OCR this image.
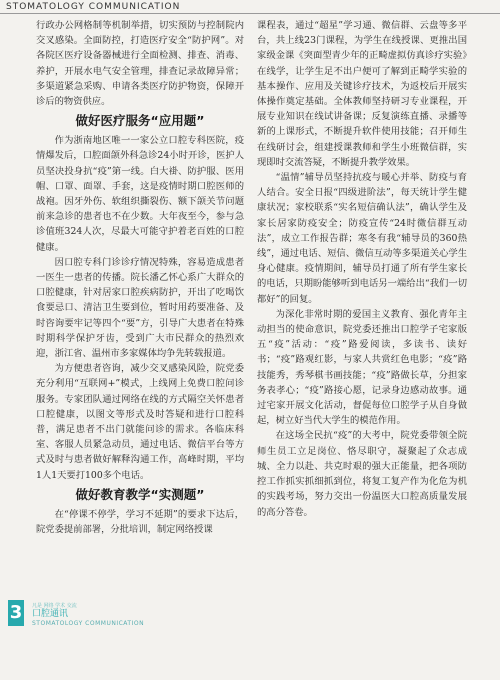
STOMATOLOGY COMMUNICATION

行政办公网格制等机制举措，切实预防与控制院内交叉感染。全面防控，打造医疗安全“防护网”。对各院区医疗设备器械进行全面检测、排查、消毒、养护，开展水电气安全管理，排查记录故障异常；多渠道紧急采购、申请各类医疗防护物资，保障开诊后的物资供应。

做好医疗服务“应用题”

作为浙南地区唯一一家公立口腔专科医院，疫情爆发后，口腔面颌外科急诊24小时开诊，医护人员坚决投身抗“疫”第一线。白大褂、防护服、医用帽、口罩、面罩、手套，这是疫情时期口腔医师的战袍。因牙外伤、软组织撕裂伤、额下颌关节问题前来急诊的患者也不在少数。大年夜至今，参与急诊值班324人次，尽最大可能守护着老百姓的口腔健康。

因口腔专科门诊诊疗情况特殊，容易造成患者一医生一患者的传播。院长潘乙怀心系广大群众的口腔健康，针对居家口腔疾病防护，开出了吃喝饮食要忌口、清洁卫生要到位，暂时用药要准备、及时咨询要牢记等四个“要”方，引导广大患者在特殊时期科学保护牙齿，受到广大市民群众的热烈欢迎，浙江省、温州市多家媒体均争先转载报道。

为方便患者咨询，减少交叉感染风险，院党委充分利用“互联网+”模式，上线网上免费口腔问诊服务。专家团队通过网络在线的方式隔空关怀患者口腔健康，以图文等形式及时答疑和进行口腔科普，满足患者不出门就能问诊的需求。各临床科室、客服人员紧急动员，通过电话、微信平台等方式及时与患者做好解释沟通工作，高峰时期，平均1人1天要打100多个电话。

做好教育教学“实测题”

在“停课不停学，学习不延期”的要求下达后，院党委提前部署，分批培训，制定网络授课

课程表，通过“超星”学习通、微信群、云盘等多平台，共上线23门课程，为学生在线授课、更推出国家级金课《突面型青少年的正畸虚拟仿真诊疗实验》在线学，让学生足不出户便可了解到正畸学实验的基本操作、应用及关键诊疗技术，为返校后开展实体操作奠定基础。全体教师坚持研习专业课程，开展专业知识在线试讲备课；反复演练直播、录播等新的上课形式，不断提升软件使用技能；召开师生在线研讨会，组建授课教师和学生小班微信群，实现即时交流答疑，不断提升教学效果。

“温情”辅导员坚持抗疫与暖心并举、防疫与育人结合。安全日报“四级进阶法”，每天统计学生健康状况；家校联系“实名短信确认法”，确认学生及家长居家防疫安全；防疫宣传“24时微信群互动法”，成立工作报告群；寒冬有我“辅导员的360热线”，通过电话、短信、微信互动等多渠道关心学生身心健康。疫情期间，辅导员打通了所有学生家长的电话，只期盼能够听到电话另一端给出“我们一切都好”的回复。

为深化非常时期的爱国主义教育、强化青年主动担当的使命意识，院党委还推出口腔学子宅家版五“疫”活动：“疫”路爱阅读，多读书、读好书；“疫”路观红影，与家人共赏红色电影；“疫”路技能秀，秀琴棋书画技能；“疫”路做长草，分担家务表孝心；“疫”路接心愿，记录身边感动故事。通过宅家开展文化活动，督促每位口腔学子从自身做起，树立好当代大学生的模范作用。

在这场全民抗“疫”的大考中，院党委带领全院师生员工立足岗位、恪尽职守，凝聚起了众志成城、全力以赴、共克时艰的强大正能量，把各项防控工作抓实抓细抓到位，将复工复产作为化危为机的实践考场，努力交出一份温医大口腔高质量发展的高分答卷。

3	凡是 网络 学术 交流
口腔通讯
STOMATOLOGY COMMUNICATION
